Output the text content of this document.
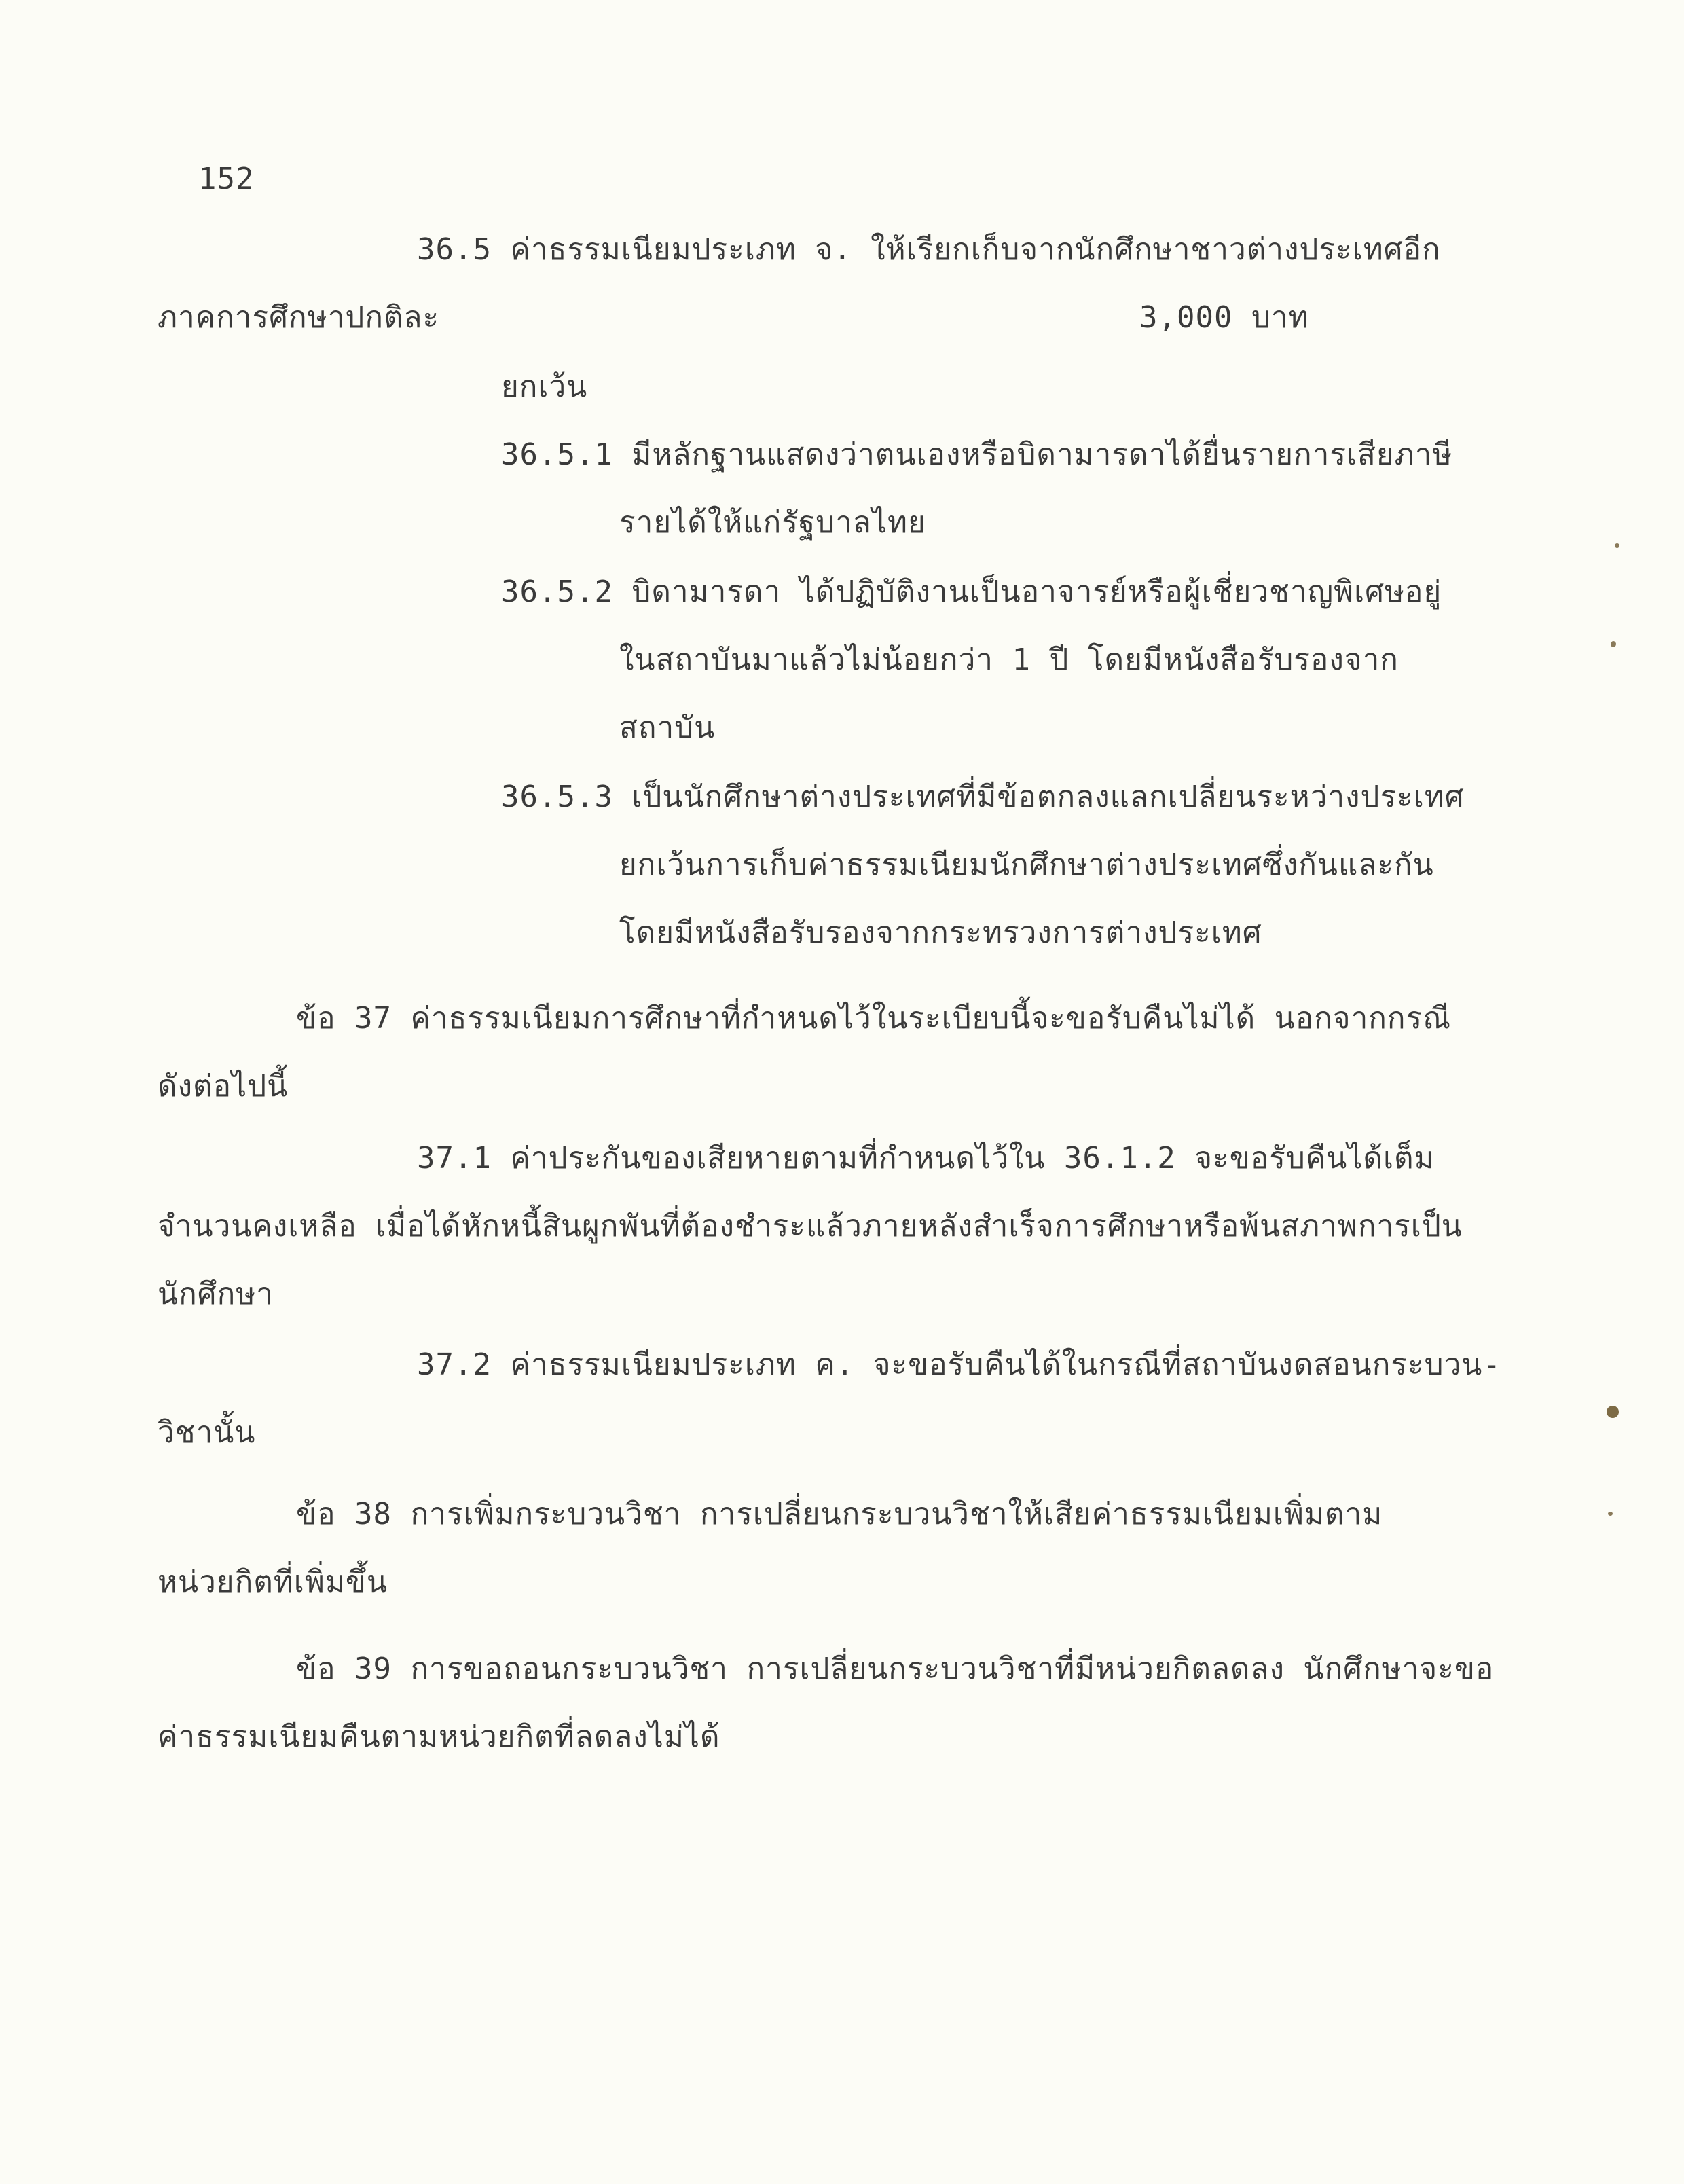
152
36.5 ค่าธรรมเนียมประเภท จ. ให้เรียกเก็บจากนักศึกษาชาวต่างประเทศอีก
ภาคการศึกษาปกติละ	3,000 บาท
ยกเว้น
36.5.1 มีหลักฐานแสดงว่าตนเองหรือบิดามารดาได้ยื่นรายการเสียภาษี
รายได้ให้แก่รัฐบาลไทย
36.5.2 บิดามารดา ได้ปฏิบัติงานเป็นอาจารย์หรือผู้เชี่ยวชาญพิเศษอยู่
ในสถาบันมาแล้วไม่น้อยกว่า 1 ปี โดยมีหนังสือรับรองจาก
สถาบัน
36.5.3 เป็นนักศึกษาต่างประเทศที่มีข้อตกลงแลกเปลี่ยนระหว่างประเทศ
ยกเว้นการเก็บค่าธรรมเนียมนักศึกษาต่างประเทศซึ่งกันและกัน
โดยมีหนังสือรับรองจากกระทรวงการต่างประเทศ
ข้อ 37 ค่าธรรมเนียมการศึกษาที่กำหนดไว้ในระเบียบนี้จะขอรับคืนไม่ได้ นอกจากกรณี
ดังต่อไปนี้
37.1 ค่าประกันของเสียหายตามที่กำหนดไว้ใน 36.1.2 จะขอรับคืนได้เต็ม
จำนวนคงเหลือ เมื่อได้หักหนี้สินผูกพันที่ต้องชำระแล้วภายหลังสำเร็จการศึกษาหรือพ้นสภาพการเป็น
นักศึกษา
37.2 ค่าธรรมเนียมประเภท ค. จะขอรับคืนได้ในกรณีที่สถาบันงดสอนกระบวน-
วิชานั้น
ข้อ 38 การเพิ่มกระบวนวิชา การเปลี่ยนกระบวนวิชาให้เสียค่าธรรมเนียมเพิ่มตาม
หน่วยกิตที่เพิ่มขึ้น
ข้อ 39 การขอถอนกระบวนวิชา การเปลี่ยนกระบวนวิชาที่มีหน่วยกิตลดลง นักศึกษาจะขอ
ค่าธรรมเนียมคืนตามหน่วยกิตที่ลดลงไม่ได้
